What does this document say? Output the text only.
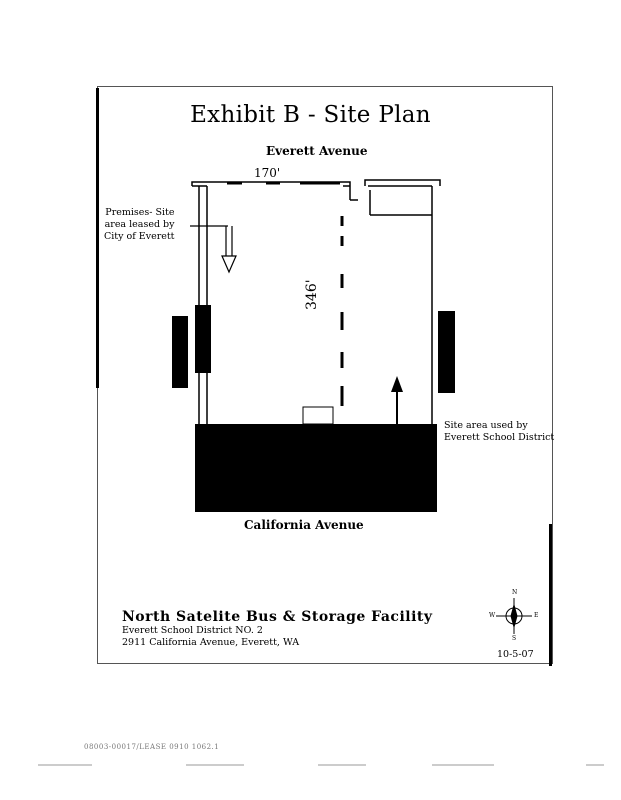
Exhibit B - Site Plan
Everett Avenue
California Avenue
170'
346'
Premises- Site
area leased by
City of Everett
Site area used by
Everett School District
North Satelite Bus & Storage Facility
Everett School District NO. 2
2911 California Avenue, Everett, WA
10-5-07
N
S
E
W
08003-00017/LEASE 0910 1062.1
